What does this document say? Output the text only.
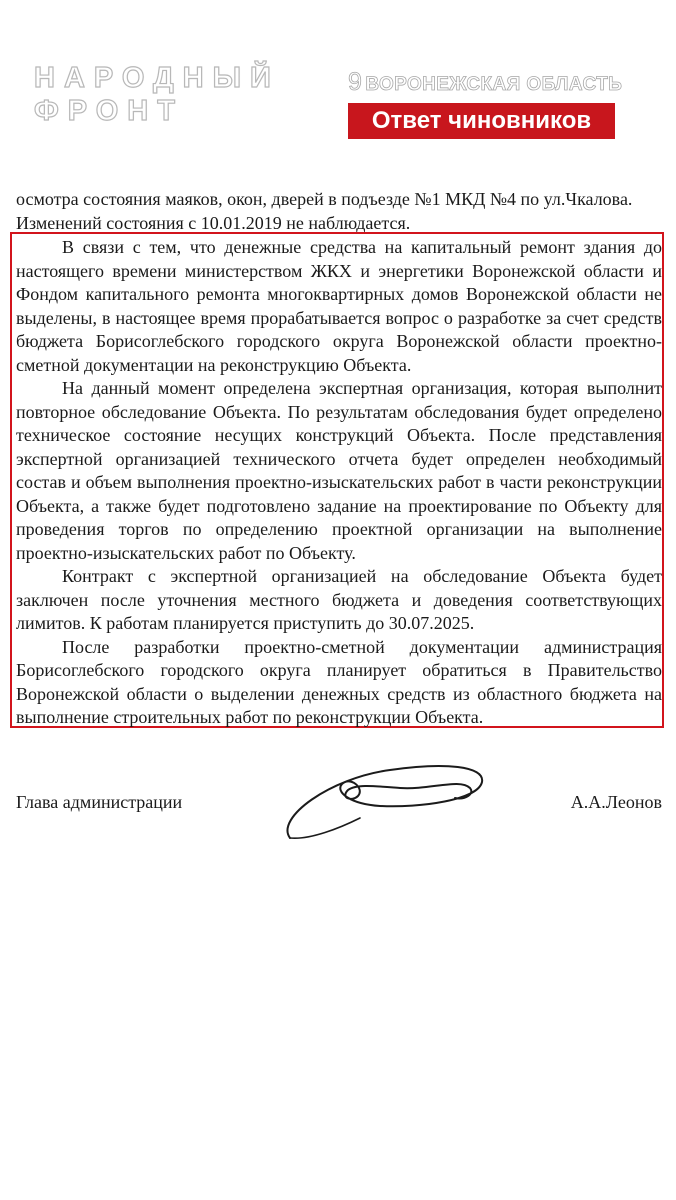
НАРОДНЫЙ
ФРОНТ
9 ВОРОНЕЖСКАЯ ОБЛАСТЬ
Ответ чиновников
осмотра состояния маяков, окон, дверей в подъезде №1 МКД №4 по ул.Чкалова.
Изменений состояния с 10.01.2019 не наблюдается.

В связи с тем, что денежные средства на капитальный ремонт здания до настоящего времени министерством ЖКХ и энергетики Воронежской области и Фондом капитального ремонта многоквартирных домов Воронежской области не выделены, в настоящее время прорабатывается вопрос о разработке за счет средств бюджета Борисоглебского городского округа Воронежской области проектно-сметной документации на реконструкцию Объекта.

На данный момент определена экспертная организация, которая выполнит повторное обследование Объекта. По результатам обследования будет определено техническое состояние несущих конструкций Объекта. После представления экспертной организацией технического отчета будет определен необходимый состав и объем выполнения проектно-изыскательских работ в части реконструкции Объекта, а также будет подготовлено задание на проектирование по Объекту для проведения торгов по определению проектной организации на выполнение проектно-изыскательских работ по Объекту.

Контракт с экспертной организацией на обследование Объекта будет заключен после уточнения местного бюджета и доведения соответствующих лимитов. К работам планируется приступить до 30.07.2025.

После разработки проектно-сметной документации администрация Борисоглебского городского округа планирует обратиться в Правительство Воронежской области о выделении денежных средств из областного бюджета на выполнение строительных работ по реконструкции Объекта.

Глава администрации	А.А.Леонов
